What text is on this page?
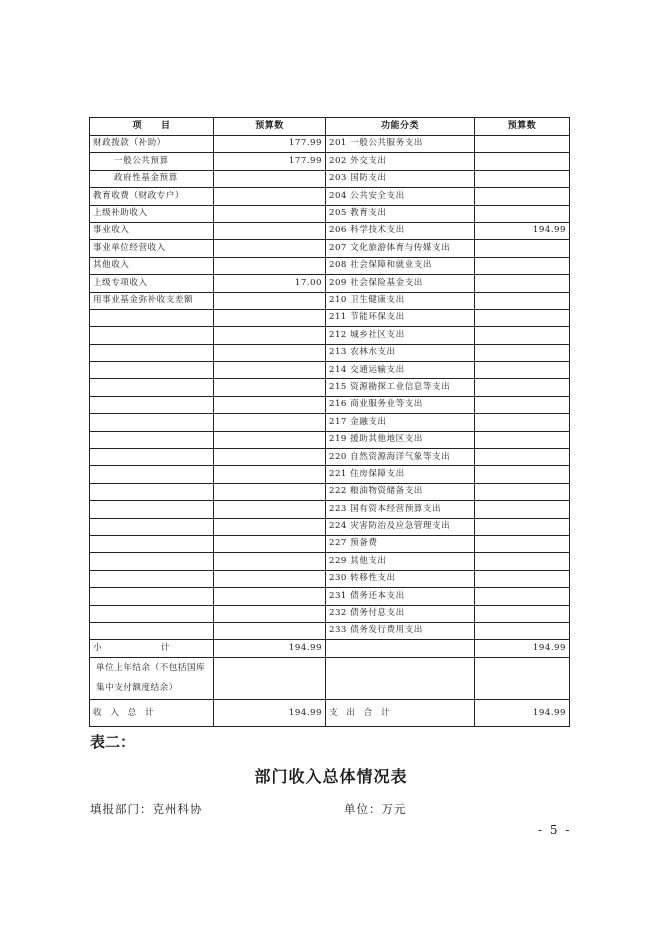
项　　目	预算数	功能分类	预算数
财政拨款（补助）	177.99	201 一般公共服务支出	
一般公共预算	177.99	202 外交支出	
政府性基金预算		203 国防支出	
教育收费（财政专户）		204 公共安全支出	
上级补助收入		205 教育支出	
事业收入		206 科学技术支出	194.99
事业单位经营收入		207 文化旅游体育与传媒支出	
其他收入		208 社会保障和就业支出	
上级专项收入	17.00	209 社会保险基金支出	
用事业基金弥补收支差额		210 卫生健康支出	
		211 节能环保支出	
		212 城乡社区支出	
		213 农林水支出	
		214 交通运输支出	
		215 资源勘探工业信息等支出	
		216 商业服务业等支出	
		217 金融支出	
		219 援助其他地区支出	
		220 自然资源海洋气象等支出	
		221 住房保障支出	
		222 粮油物资储备支出	
		223 国有资本经营预算支出	
		224 灾害防治及应急管理支出	
		227 预备费	
		229 其他支出	
		230 转移性支出	
		231 债务还本支出	
		232 债务付息支出	
		233 债务发行费用支出	
小　　计	194.99		194.99
单位上年结余（不包括国库集中支付额度结余）			
收 入 总 计	194.99	支 出 合 计	194.99
表二：
部门收入总体情况表
填报部门：克州科协	单位：万元
- 5 -
